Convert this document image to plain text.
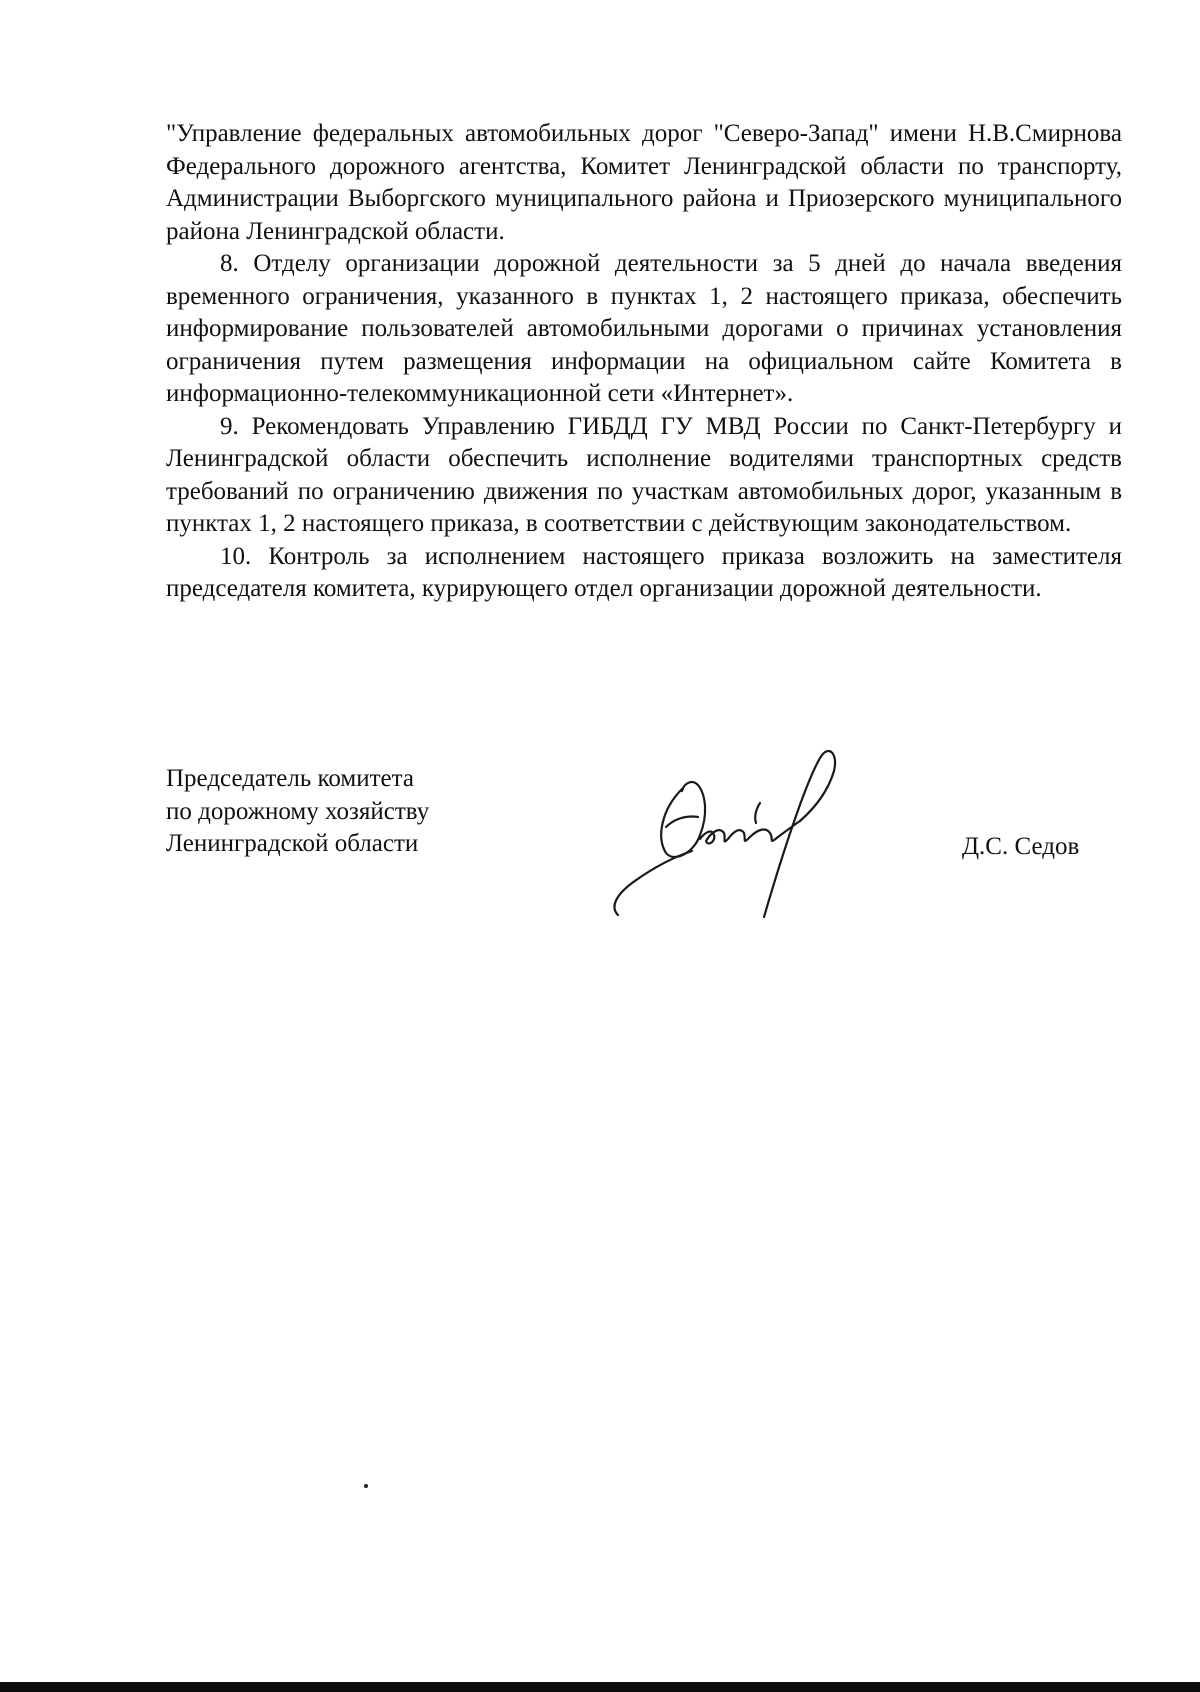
"Управление федеральных автомобильных дорог "Северо-Запад" имени Н.В.Смирнова Федерального дорожного агентства, Комитет Ленинградской области по транспорту, Администрации Выборгского муниципального района и Приозерского муниципального района Ленинградской области.

8. Отделу организации дорожной деятельности за 5 дней до начала введения временного ограничения, указанного в пунктах 1, 2 настоящего приказа, обеспечить информирование пользователей автомобильными дорогами о причинах установления ограничения путем размещения информации на официальном сайте Комитета в информационно-телекоммуникационной сети «Интернет».

9. Рекомендовать Управлению ГИБДД ГУ МВД России по Санкт-Петербургу и Ленинградской области обеспечить исполнение водителями транспортных средств требований по ограничению движения по участкам автомобильных дорог, указанным в пунктах 1, 2 настоящего приказа, в соответствии с действующим законодательством.

10. Контроль за исполнением настоящего приказа возложить на заместителя председателя комитета, курирующего отдел организации дорожной деятельности.

Председатель комитета
по дорожному хозяйству
Ленинградской области	Д.С. Седов
